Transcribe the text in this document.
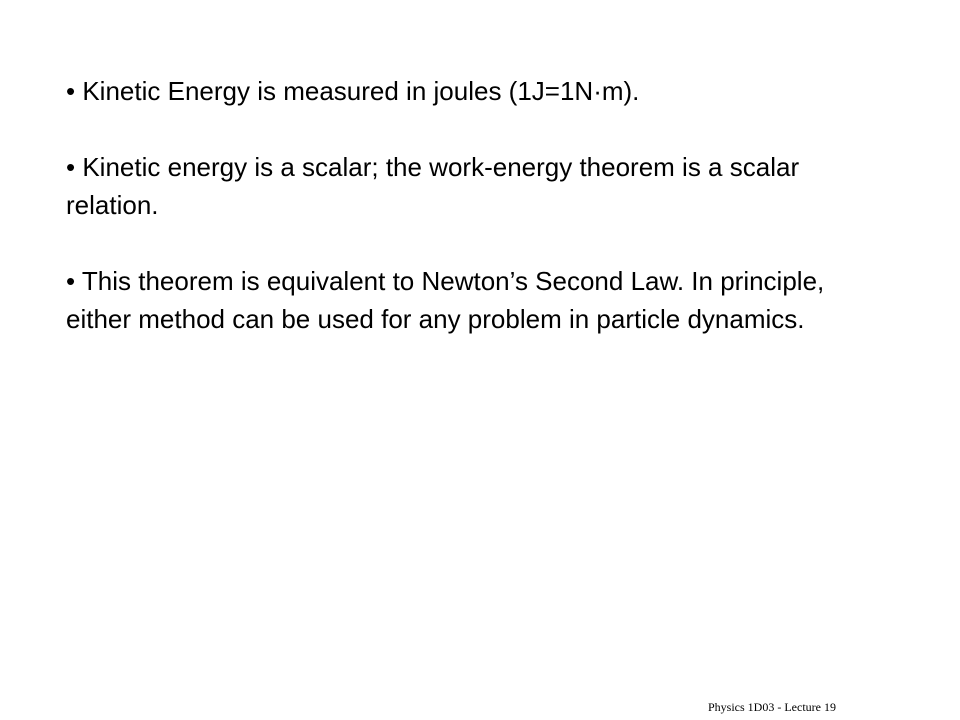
• Kinetic Energy is measured in joules (1J=1N·m).
• Kinetic energy is a scalar; the work-energy theorem is a scalar relation.
• This theorem is equivalent to Newton’s Second Law. In principle, either method can be used for any problem in particle dynamics.
Physics 1D03 - Lecture 19
